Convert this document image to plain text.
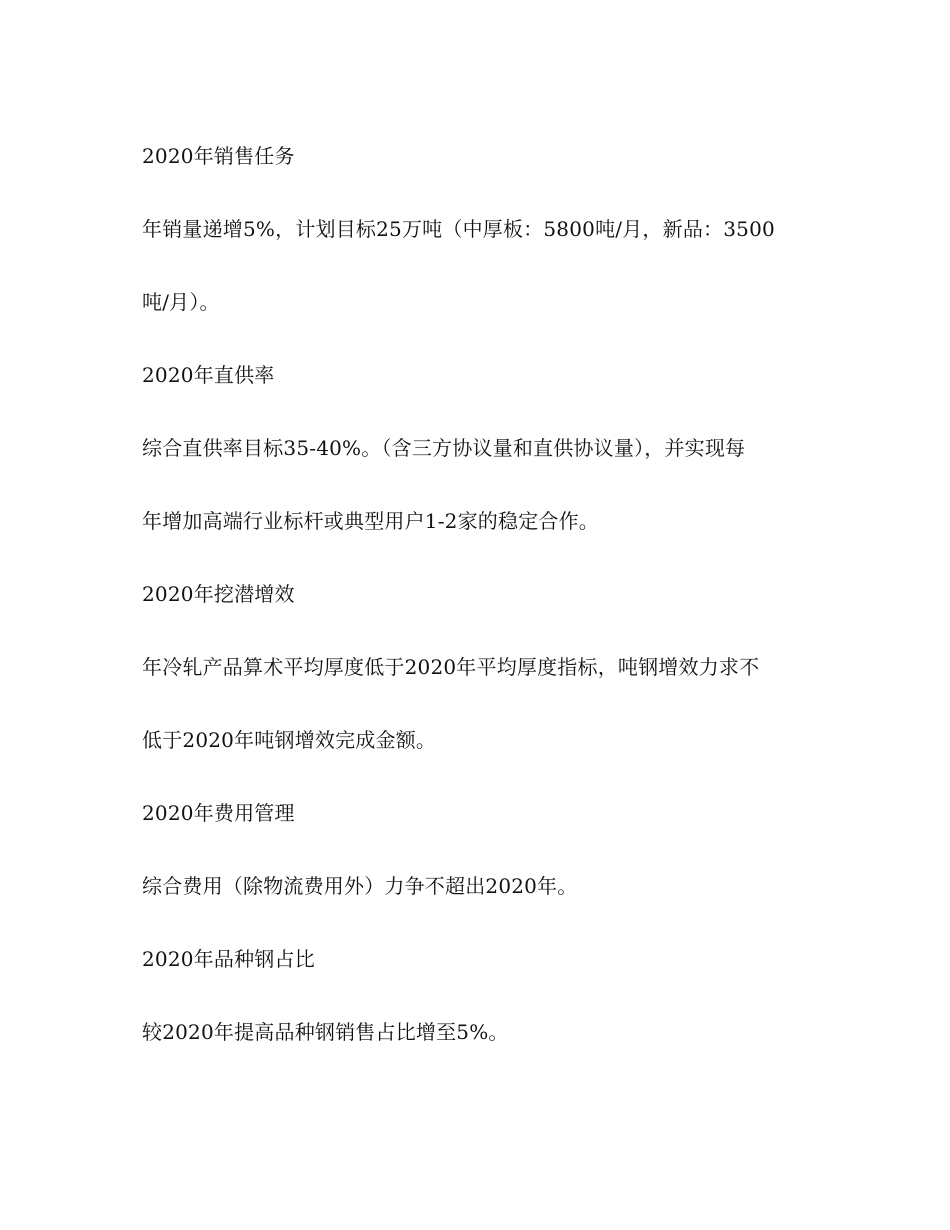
2020年销售任务

年销量递增5%，计划目标25万吨（中厚板：5800吨/月，新品：3500

吨/月）。

2020年直供率

综合直供率目标35-40%。（含三方协议量和直供协议量），并实现每

年增加高端行业标杆或典型用户1-2家的稳定合作。

2020年挖潜增效

年冷轧产品算术平均厚度低于2020年平均厚度指标，吨钢增效力求不

低于2020年吨钢增效完成金额。

2020年费用管理

综合费用（除物流费用外）力争不超出2020年。

2020年品种钢占比

较2020年提高品种钢销售占比增至5%。
